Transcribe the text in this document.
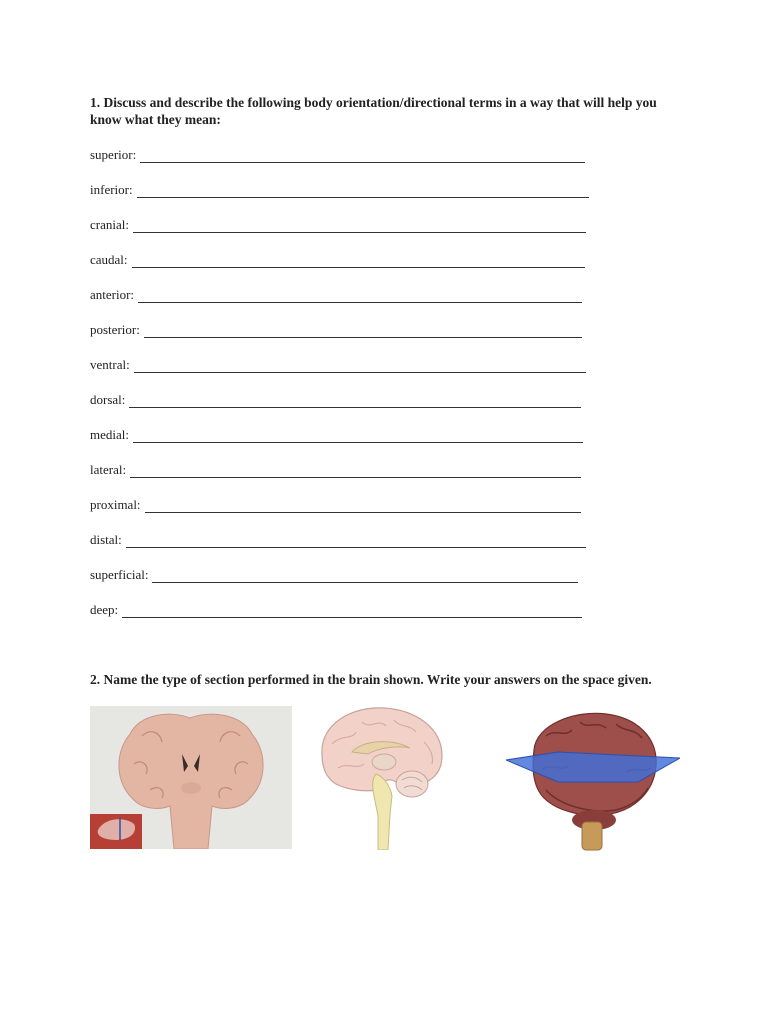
1. Discuss and describe the following body orientation/directional terms in a way that will help you know what they mean:

superior:
inferior:
cranial:
caudal:
anterior:
posterior:
ventral:
dorsal:
medial:
lateral:
proximal:
distal:
superficial:
deep:

2. Name the type of section performed in the brain shown. Write your answers on the space given.
